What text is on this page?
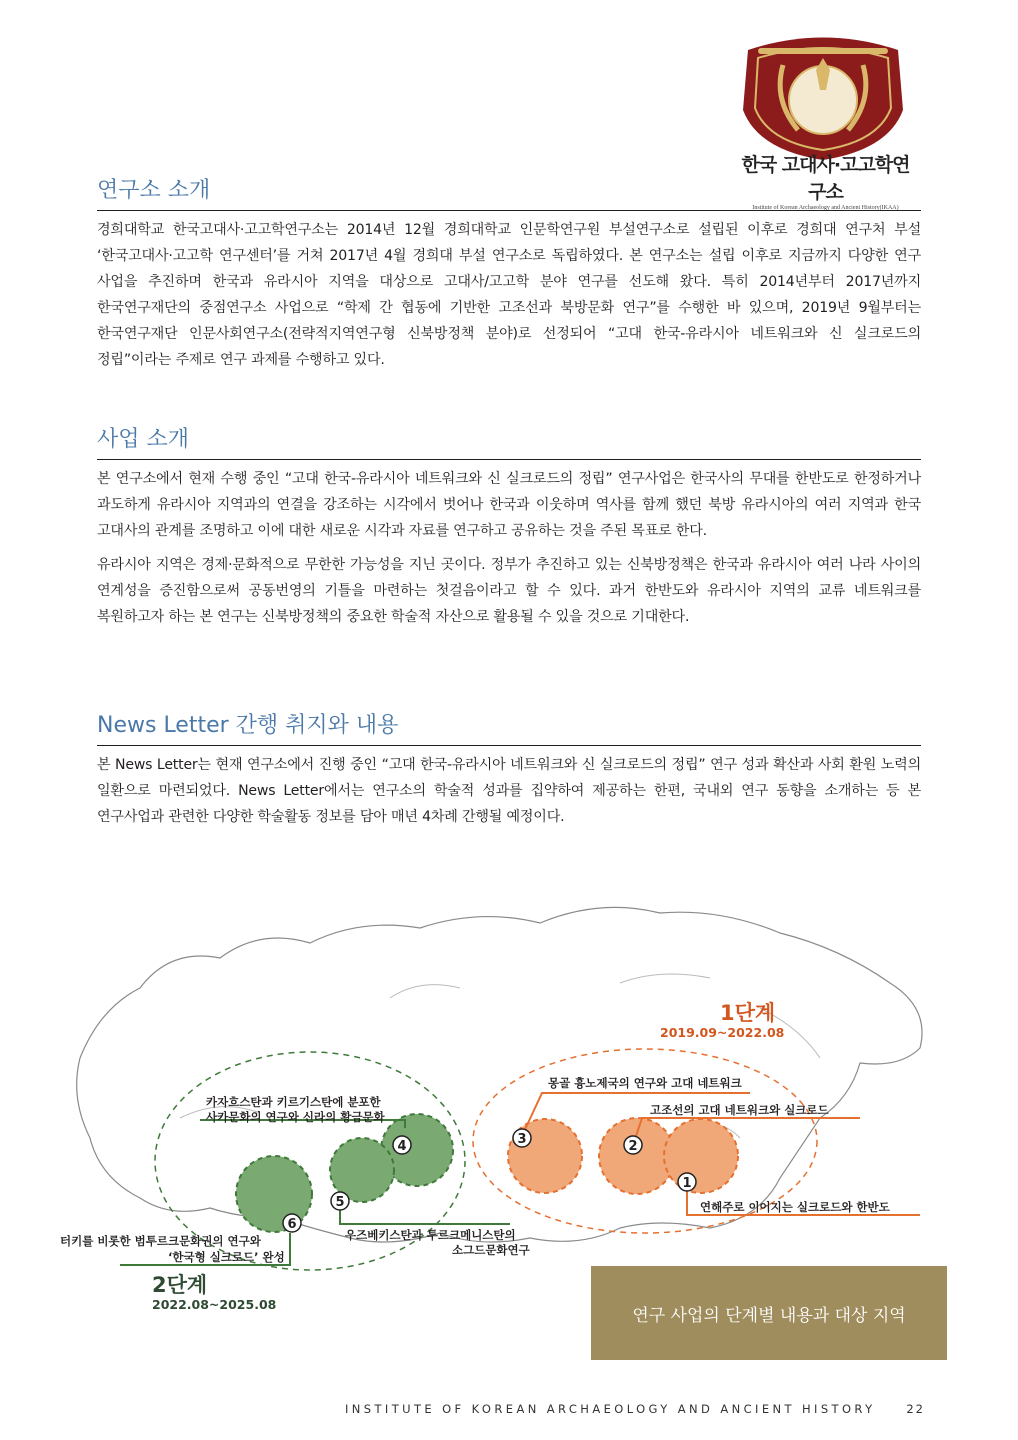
한국 고대사·고고학연구소
Institute of Korean Archaeology and Ancient History(IKAA)
연구소 소개

경희대학교 한국고대사·고고학연구소는 2014년 12월 경희대학교 인문학연구원 부설연구소로 설립된 이후로 경희대 연구처 부설 ‘한국고대사·고고학 연구센터’를 거쳐 2017년 4월 경희대 부설 연구소로 독립하였다. 본 연구소는 설립 이후로 지금까지 다양한 연구 사업을 추진하며 한국과 유라시아 지역을 대상으로 고대사/고고학 분야 연구를 선도해 왔다. 특히 2014년부터 2017년까지 한국연구재단의 중점연구소 사업으로 “학제 간 협동에 기반한 고조선과 북방문화 연구”를 수행한 바 있으며, 2019년 9월부터는 한국연구재단 인문사회연구소(전략적지역연구형 신북방정책 분야)로 선정되어 “고대 한국-유라시아 네트워크와 신 실크로드의 정립”이라는 주제로 연구 과제를 수행하고 있다.

사업 소개

본 연구소에서 현재 수행 중인 “고대 한국-유라시아 네트워크와 신 실크로드의 정립” 연구사업은 한국사의 무대를 한반도로 한정하거나 과도하게 유라시아 지역과의 연결을 강조하는 시각에서 벗어나 한국과 이웃하며 역사를 함께 했던 북방 유라시아의 여러 지역과 한국 고대사의 관계를 조명하고 이에 대한 새로운 시각과 자료를 연구하고 공유하는 것을 주된 목표로 한다.

유라시아 지역은 경제·문화적으로 무한한 가능성을 지닌 곳이다. 정부가 추진하고 있는 신북방정책은 한국과 유라시아 여러 나라 사이의 연계성을 증진함으로써 공동번영의 기틀을 마련하는 첫걸음이라고 할 수 있다. 과거 한반도와 유라시아 지역의 교류 네트워크를 복원하고자 하는 본 연구는 신북방정책의 중요한 학술적 자산으로 활용될 수 있을 것으로 기대한다.

News Letter 간행 취지와 내용

본 News Letter는 현재 연구소에서 진행 중인 “고대 한국-유라시아 네트워크와 신 실크로드의 정립” 연구 성과 확산과 사회 환원 노력의 일환으로 마련되었다. News Letter에서는 연구소의 학술적 성과를 집약하여 제공하는 한편, 국내외 연구 동향을 소개하는 등 본 연구사업과 관련한 다양한 학술활동 정보를 담아 매년 4차례 간행될 예정이다.

1
2
3
4
5
6
몽골 흉노제국의 연구와 고대 네트워크
고조선의 고대 네트워크와 실크로드
연해주로 이어지는 실크로드와 한반도
카자흐스탄과 키르기스탄에 분포한
사카문화의 연구와 신라의 황금문화
우즈베키스탄과 투르크메니스탄의
소그드문화연구
터키를 비롯한 범투르크문화권의 연구와
‘한국형 실크로드’ 완성
1단계
2019.09~2022.08
2단계
2022.08~2025.08
연구 사업의 단계별 내용과 대상 지역
INSTITUTE OF KOREAN ARCHAEOLOGY AND ANCIENT HISTORY	22
